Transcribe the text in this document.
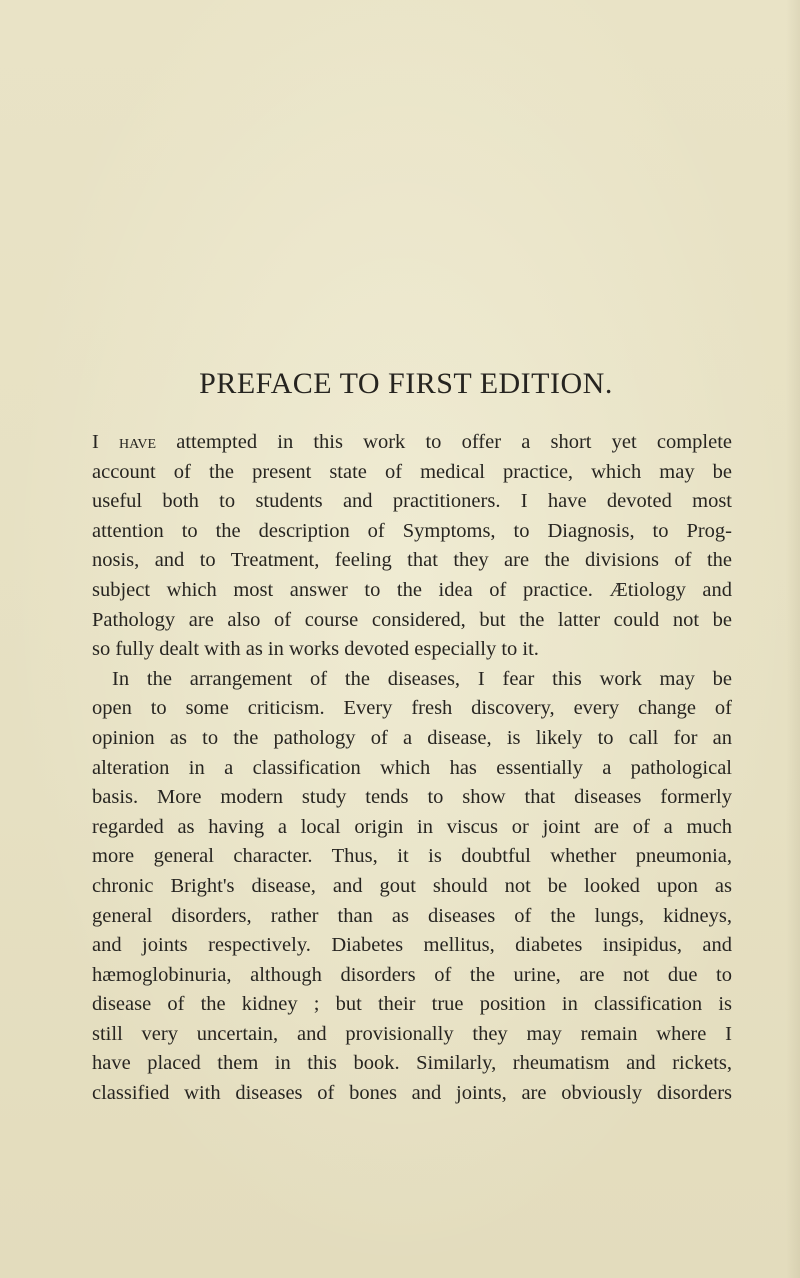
PREFACE TO FIRST EDITION.
I have attempted in this work to offer a short yet complete
account of the present state of medical practice, which may be
useful both to students and practitioners. I have devoted most
attention to the description of Symptoms, to Diagnosis, to Prog-
nosis, and to Treatment, feeling that they are the divisions of the
subject which most answer to the idea of practice. Ætiology and
Pathology are also of course considered, but the latter could not be
so fully dealt with as in works devoted especially to it.
In the arrangement of the diseases, I fear this work may be
open to some criticism. Every fresh discovery, every change of
opinion as to the pathology of a disease, is likely to call for an
alteration in a classification which has essentially a pathological
basis. More modern study tends to show that diseases formerly
regarded as having a local origin in viscus or joint are of a much
more general character. Thus, it is doubtful whether pneumonia,
chronic Bright's disease, and gout should not be looked upon as
general disorders, rather than as diseases of the lungs, kidneys,
and joints respectively. Diabetes mellitus, diabetes insipidus, and
hæmoglobinuria, although disorders of the urine, are not due to
disease of the kidney ; but their true position in classification is
still very uncertain, and provisionally they may remain where I
have placed them in this book. Similarly, rheumatism and rickets,
classified with diseases of bones and joints, are obviously disorders
